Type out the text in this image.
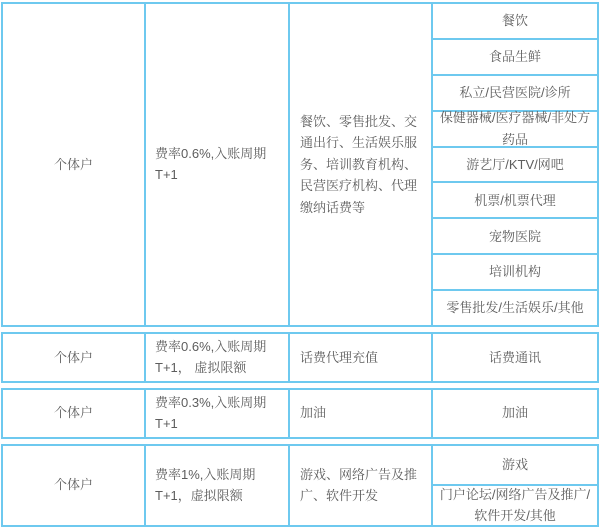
个体户
费率0.6%,入账周期T+1
餐饮、零售批发、交通出行、生活娱乐服务、培训教育机构、民营医疗机构、代理缴纳话费等
餐饮
食品生鲜
私立/民营医院/诊所
保健器械/医疗器械/非处方药品
游艺厅/KTV/网吧
机票/机票代理
宠物医院
培训机构
零售批发/生活娱乐/其他
个体户
费率0.6%,入账周期T+1， 虚拟限额
话费代理充值	话费通讯
个体户
费率0.3%,入账周期T+1
加油	加油
个体户
费率1%,入账周期T+1，虚拟限额
游戏、网络广告及推广、软件开发
游戏
门户论坛/网络广告及推广/软件开发/其他
